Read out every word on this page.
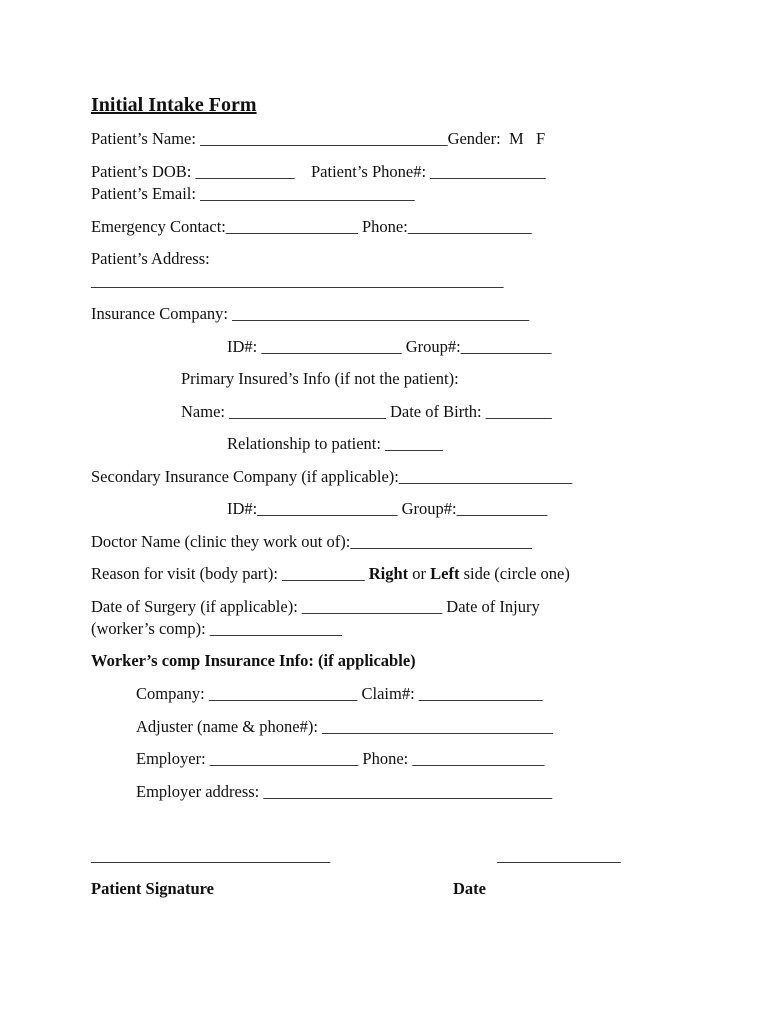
Initial Intake Form
Patient’s Name: ______________________________Gender:  M   F
Patient’s DOB: ____________    Patient’s Phone#: ______________
Patient’s Email: __________________________
Emergency Contact:________________ Phone:_______________
Patient’s Address:
__________________________________________________
Insurance Company: ____________________________________
ID#: _________________ Group#:___________
Primary Insured’s Info (if not the patient):
Name: ___________________ Date of Birth: ________
Relationship to patient: _______
Secondary Insurance Company (if applicable):_____________________
ID#:_________________ Group#:___________
Doctor Name (clinic they work out of):______________________
Reason for visit (body part): __________ Right or Left side (circle one)
Date of Surgery (if applicable): _________________ Date of Injury
(worker’s comp): ________________
Worker’s comp Insurance Info: (if applicable)
Company: __________________ Claim#: _______________
Adjuster (name & phone#): ____________________________
Employer: __________________ Phone: ________________
Employer address: ___________________________________
_____________________________	_______________
Patient Signature	Date
